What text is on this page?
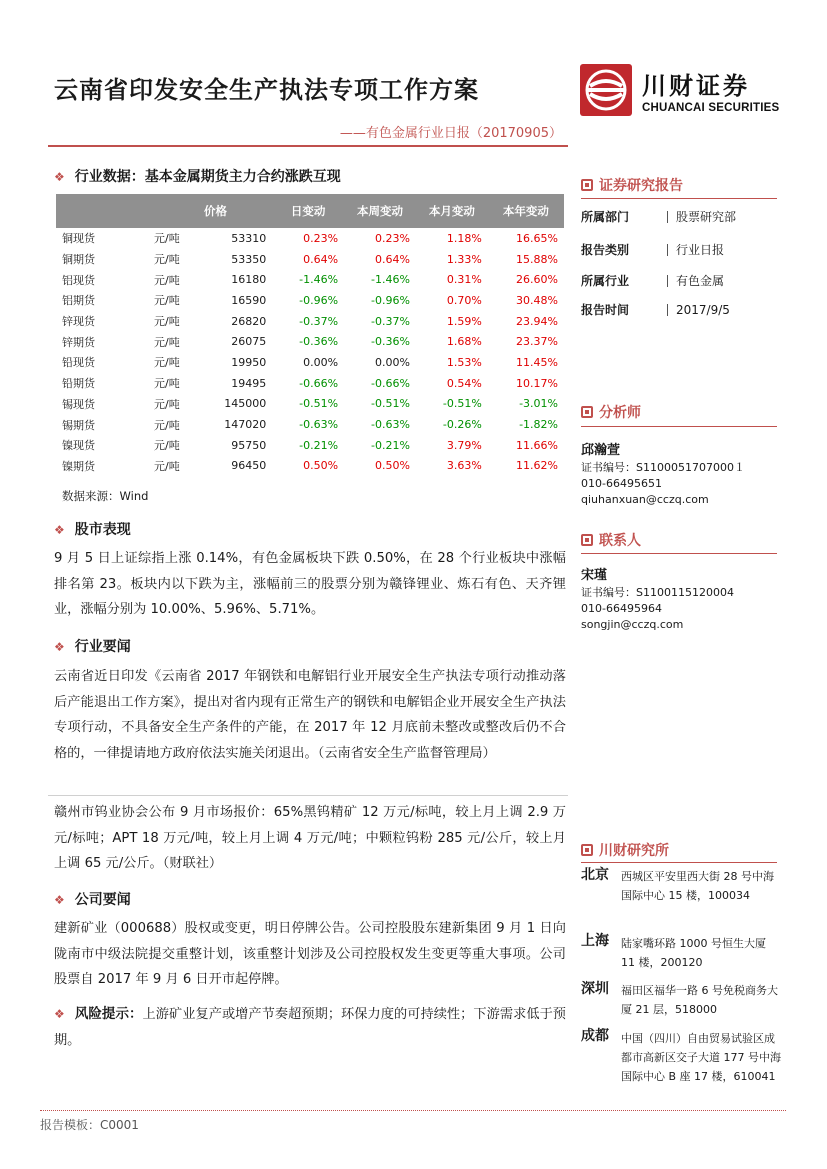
云南省印发安全生产执法专项工作方案
——有色金属行业日报（20170905）
川财证券
CHUANCAI SECURITIES
❖ 行业数据：基本金属期货主力合约涨跌互现
		价格	日变动	本周变动	本月变动	本年变动
铜现货	元/吨	53310	0.23%	0.23%	1.18%	16.65%
铜期货	元/吨	53350	0.64%	0.64%	1.33%	15.88%
铝现货	元/吨	16180	-1.46%	-1.46%	0.31%	26.60%
铝期货	元/吨	16590	-0.96%	-0.96%	0.70%	30.48%
锌现货	元/吨	26820	-0.37%	-0.37%	1.59%	23.94%
锌期货	元/吨	26075	-0.36%	-0.36%	1.68%	23.37%
铅现货	元/吨	19950	0.00%	0.00%	1.53%	11.45%
铅期货	元/吨	19495	-0.66%	-0.66%	0.54%	10.17%
锡现货	元/吨	145000	-0.51%	-0.51%	-0.51%	-3.01%
锡期货	元/吨	147020	-0.63%	-0.63%	-0.26%	-1.82%
镍现货	元/吨	95750	-0.21%	-0.21%	3.79%	11.66%
镍期货	元/吨	96450	0.50%	0.50%	3.63%	11.62%
数据来源：Wind
❖ 股市表现
9 月 5 日上证综指上涨 0.14%，有色金属板块下跌 0.50%，在 28 个行业板块中涨幅排名第 23。板块内以下跌为主，涨幅前三的股票分别为赣锋锂业、炼石有色、天齐锂业，涨幅分别为 10.00%、5.96%、5.71%。
❖ 行业要闻
云南省近日印发《云南省 2017 年钢铁和电解铝行业开展安全生产执法专项行动推动落后产能退出工作方案》，提出对省内现有正常生产的钢铁和电解铝企业开展安全生产执法专项行动，不具备安全生产条件的产能，在 2017 年 12 月底前未整改或整改后仍不合格的，一律提请地方政府依法实施关闭退出。（云南省安全生产监督管理局）
赣州市钨业协会公布 9 月市场报价：65%黑钨精矿 12 万元/标吨，较上月上调 2.9 万元/标吨；APT 18 万元/吨，较上月上调 4 万元/吨；中颗粒钨粉 285 元/公斤，较上月上调 65 元/公斤。（财联社）
❖ 公司要闻
建新矿业（000688）股权或变更，明日停牌公告。公司控股股东建新集团 9 月 1 日向陇南市中级法院提交重整计划，该重整计划涉及公司控股权发生变更等重大事项。公司股票自 2017 年 9 月 6 日开市起停牌。
❖ 风险提示：上游矿业复产或增产节奏超预期；环保力度的可持续性；下游需求低于预期。
证券研究报告
所属部门	股票研究部
报告类别	行业日报
所属行业	有色金属
报告时间	2017/9/5
分析师
邱瀚萱
证书编号：S1100051707000１
010-66495651
qiuhanxuan@cczq.com
联系人
宋瑾
证书编号：S1100115120004
010-66495964
songjin@cczq.com
川财研究所
北京 西城区平安里西大街 28 号中海国际中心 15 楼，100034
上海 陆家嘴环路 1000 号恒生大厦 11 楼，200120
深圳 福田区福华一路 6 号免税商务大厦 21 层，518000
成都 中国（四川）自由贸易试验区成都市高新区交子大道 177 号中海国际中心 B 座 17 楼，610041
报告模板：C0001
